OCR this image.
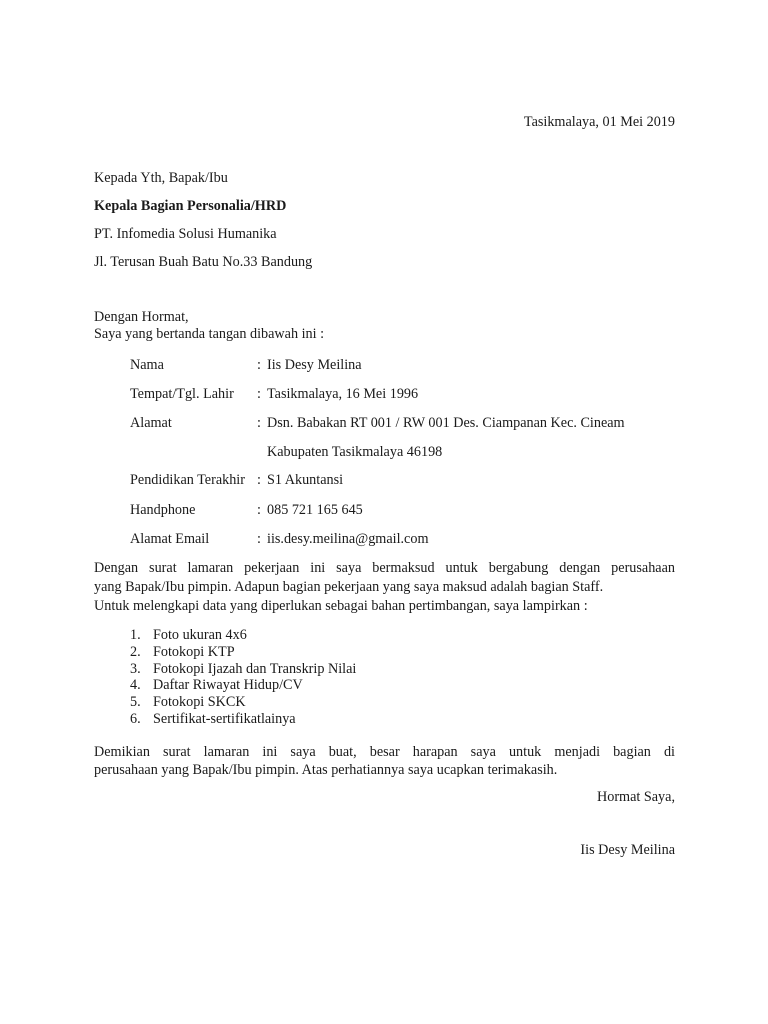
Tasikmalaya, 01 Mei 2019
Kepada Yth, Bapak/Ibu
Kepala Bagian Personalia/HRD
PT. Infomedia Solusi Humanika
Jl. Terusan Buah Batu No.33 Bandung
Dengan Hormat,
Saya yang bertanda tangan dibawah ini :
Nama	: Iis Desy Meilina
Tempat/Tgl. Lahir : Tasikmalaya, 16 Mei 1996
Alamat	: Dsn. Babakan RT 001 / RW 001 Des. Ciampanan Kec. Cineam
Kabupaten Tasikmalaya 46198
Pendidikan Terakhir : S1 Akuntansi
Handphone	: 085 721 165 645
Alamat Email	: iis.desy.meilina@gmail.com
Dengan surat lamaran pekerjaan ini saya bermaksud untuk bergabung dengan perusahaan
yang Bapak/Ibu pimpin. Adapun bagian pekerjaan yang saya maksud adalah bagian Staff.
Untuk melengkapi data yang diperlukan sebagai bahan pertimbangan, saya lampirkan :
1. Foto ukuran 4x6
2. Fotokopi KTP
3. Fotokopi Ijazah dan Transkrip Nilai
4. Daftar Riwayat Hidup/CV
5. Fotokopi SKCK
6. Sertifikat-sertifikatlainya
Demikian surat lamaran ini saya buat, besar harapan saya untuk menjadi bagian di
perusahaan yang Bapak/Ibu pimpin. Atas perhatiannya saya ucapkan terimakasih.
Hormat Saya,
Iis Desy Meilina
